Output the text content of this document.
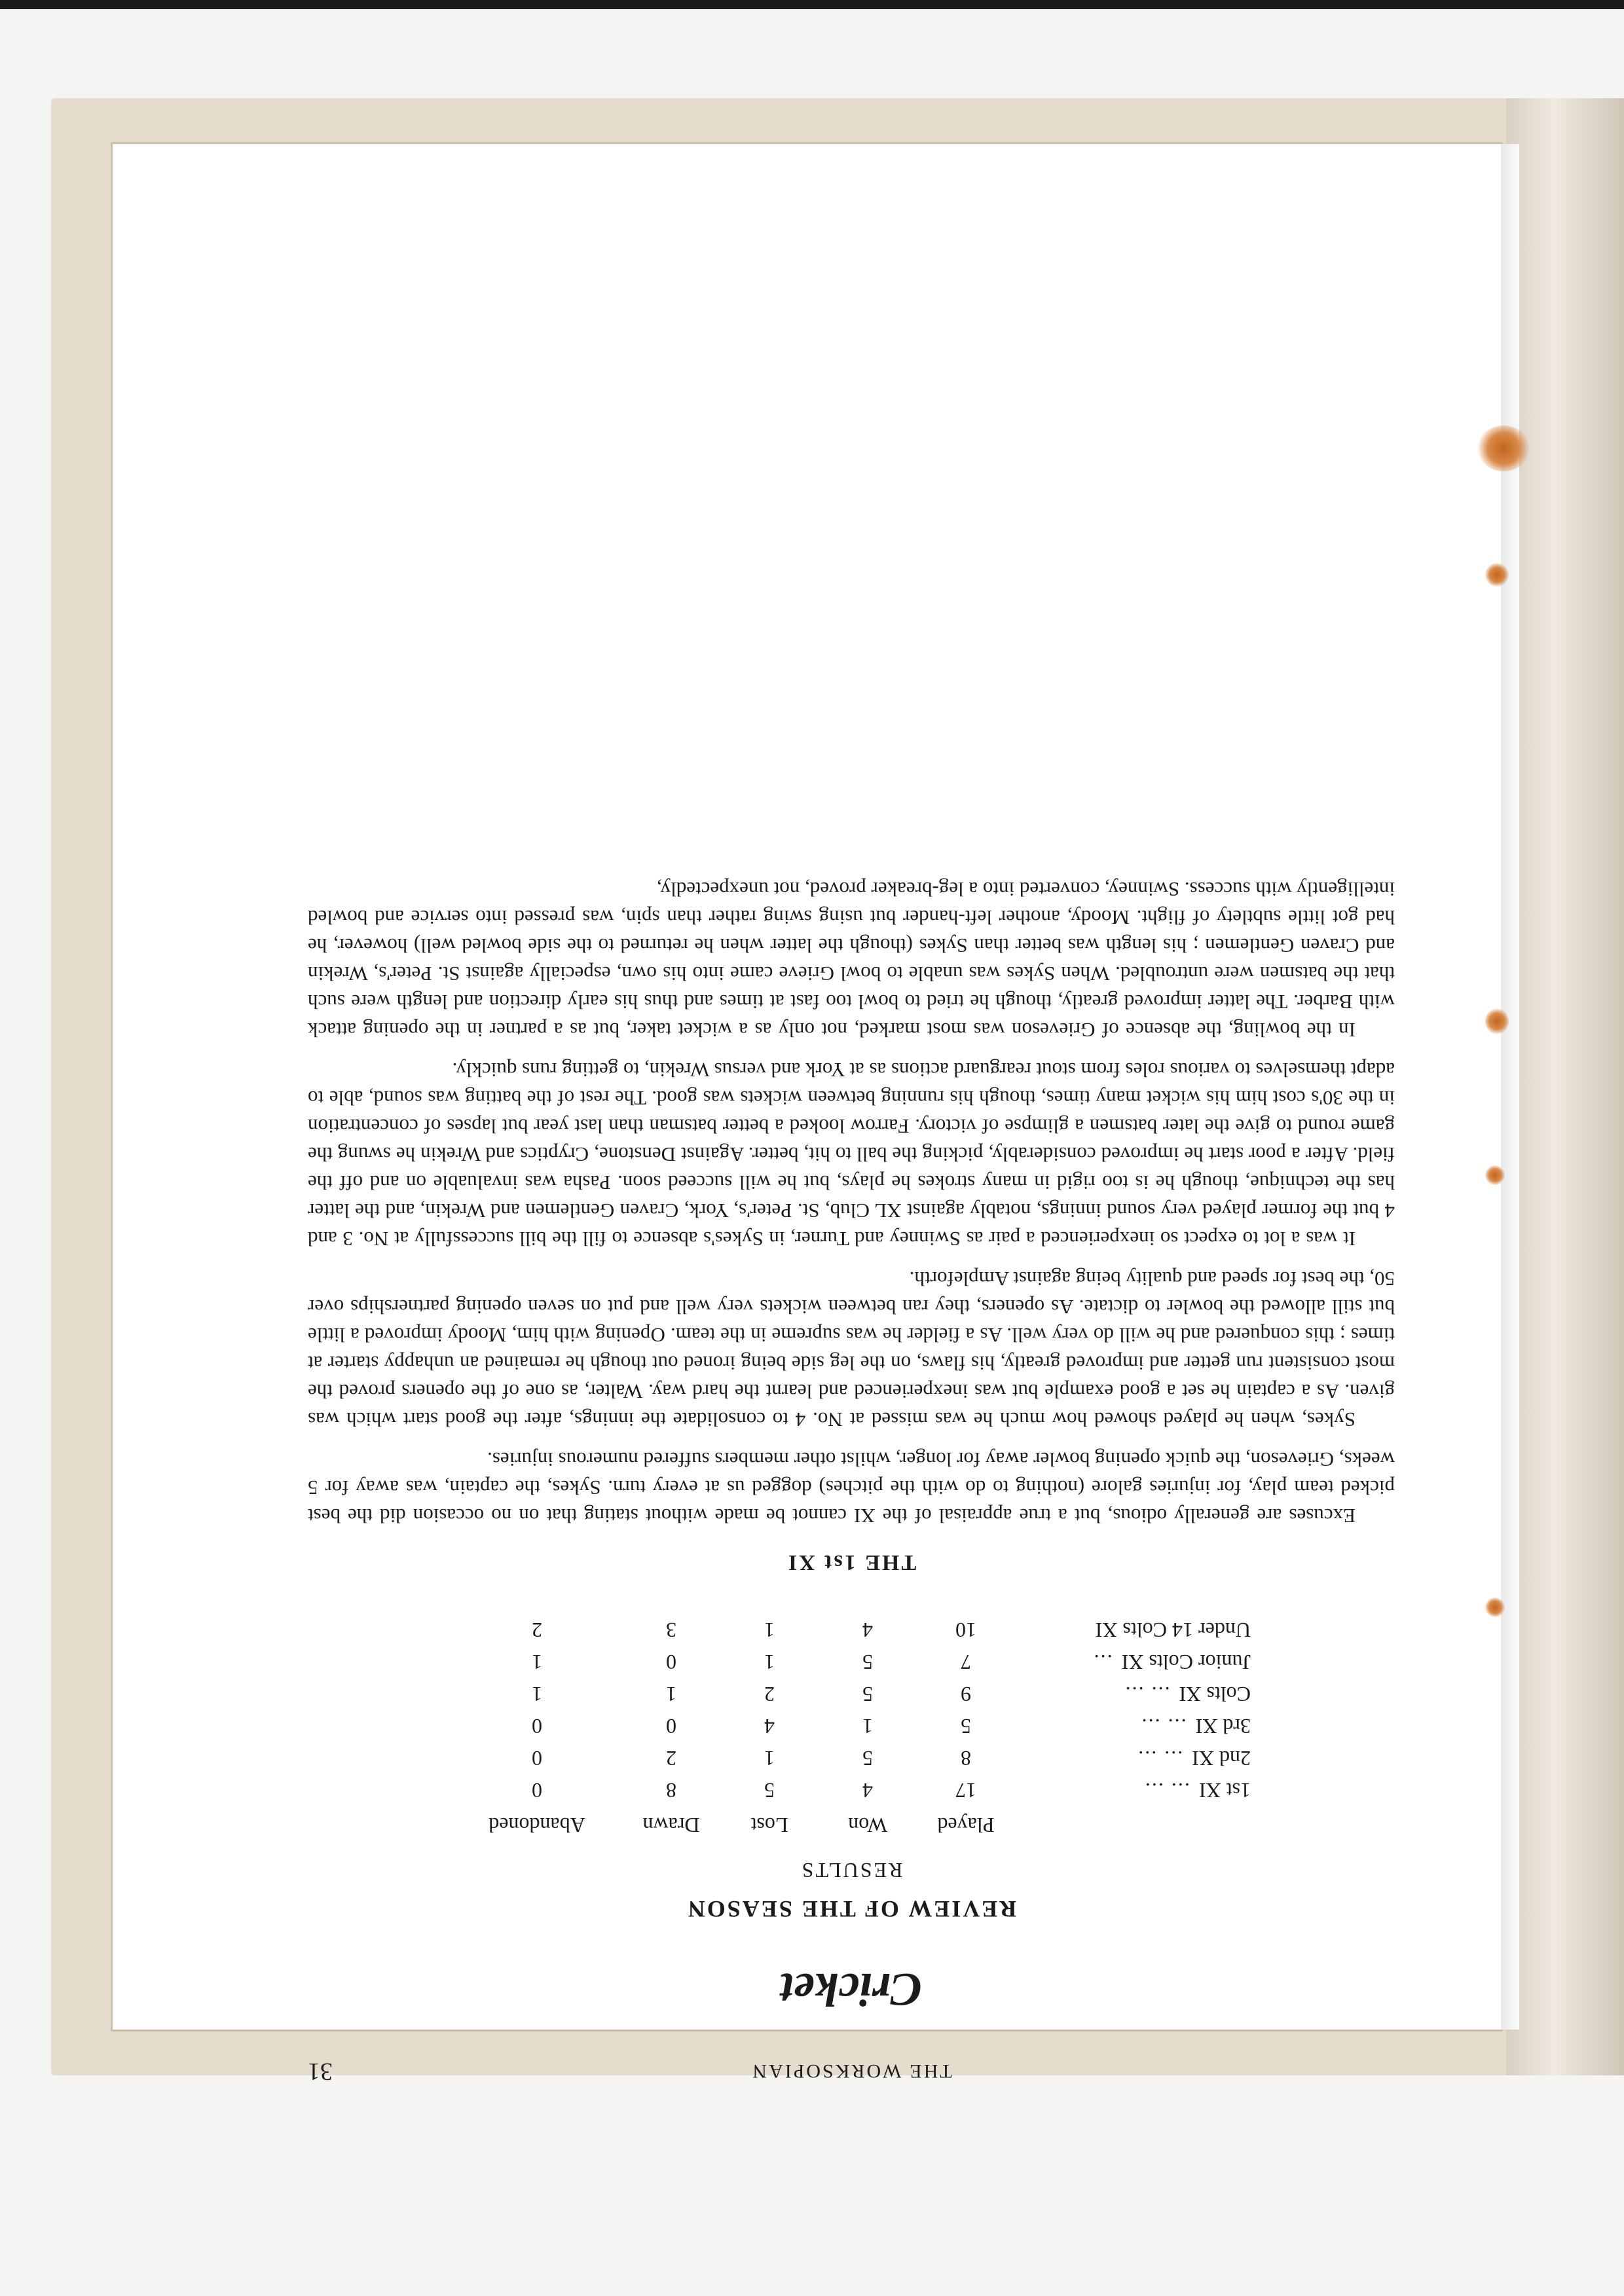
THE WORKSOPIAN
31
Cricket
REVIEW OF THE SEASON
RESULTS
	Played	Won	Lost	Drawn	Abandoned
1st XI... ...	17	4	5	8	0
2nd XI... ...	8	5	1	2	0
3rd XI... ...	5	1	4	0	0
Colts XI... ...	9	5	2	1	1
Junior Colts XI...	7	5	1	0	1
Under 14 Colts XI	10	4	1	3	2
THE 1st XI

Excuses are generally odious, but a true appraisal of the XI cannot be made without stating that on no occasion did the best picked team play, for injuries galore (nothing to do with the pitches) dogged us at every turn. Sykes, the captain, was away for 5 weeks, Grieveson, the quick opening bowler away for longer, whilst other members suffered numerous injuries.

Sykes, when he played showed how much he was missed at No. 4 to consolidate the innings, after the good start which was given. As a captain he set a good example but was inexperienced and learnt the hard way. Walter, as one of the openers proved the most consistent run getter and improved greatly, his flaws, on the leg side being ironed out though he remained an unhappy starter at times ; this conquered and he will do very well. As a fielder he was supreme in the team. Opening with him, Moody improved a little but still allowed the bowler to dictate. As openers, they ran between wickets very well and put on seven opening partnerships over 50, the best for speed and quality being against Ampleforth.

It was a lot to expect so inexperienced a pair as Swinney and Turner, in Sykes's absence to fill the bill successfully at No. 3 and 4 but the former played very sound innings, notably against XL Club, St. Peter's, York, Craven Gentlemen and Wrekin, and the latter has the technique, though he is too rigid in many strokes he plays, but he will succeed soon. Pasha was invaluable on and off the field. After a poor start he improved considerably, picking the ball to hit, better. Against Denstone, Cryptics and Wrekin he swung the game round to give the later batsmen a glimpse of victory. Farrow looked a better batsman than last year but lapses of concentration in the 30's cost him his wicket many times, though his running between wickets was good. The rest of the batting was sound, able to adapt themselves to various roles from stout rearguard actions as at York and versus Wrekin, to getting runs quickly.

In the bowling, the absence of Grieveson was most marked, not only as a wicket taker, but as a partner in the opening attack with Barber. The latter improved greatly, though he tried to bowl too fast at times and thus his early direction and length were such that the batsmen were untroubled. When Sykes was unable to bowl Grieve came into his own, especially against St. Peter's, Wrekin and Craven Gentlemen ; his length was better than Sykes (though the latter when he returned to the side bowled well) however, he had got little subtlety of flight. Moody, another left-hander but using swing rather than spin, was pressed into service and bowled intelligently with success. Swinney, converted into a leg-breaker proved, not unexpectedly,
